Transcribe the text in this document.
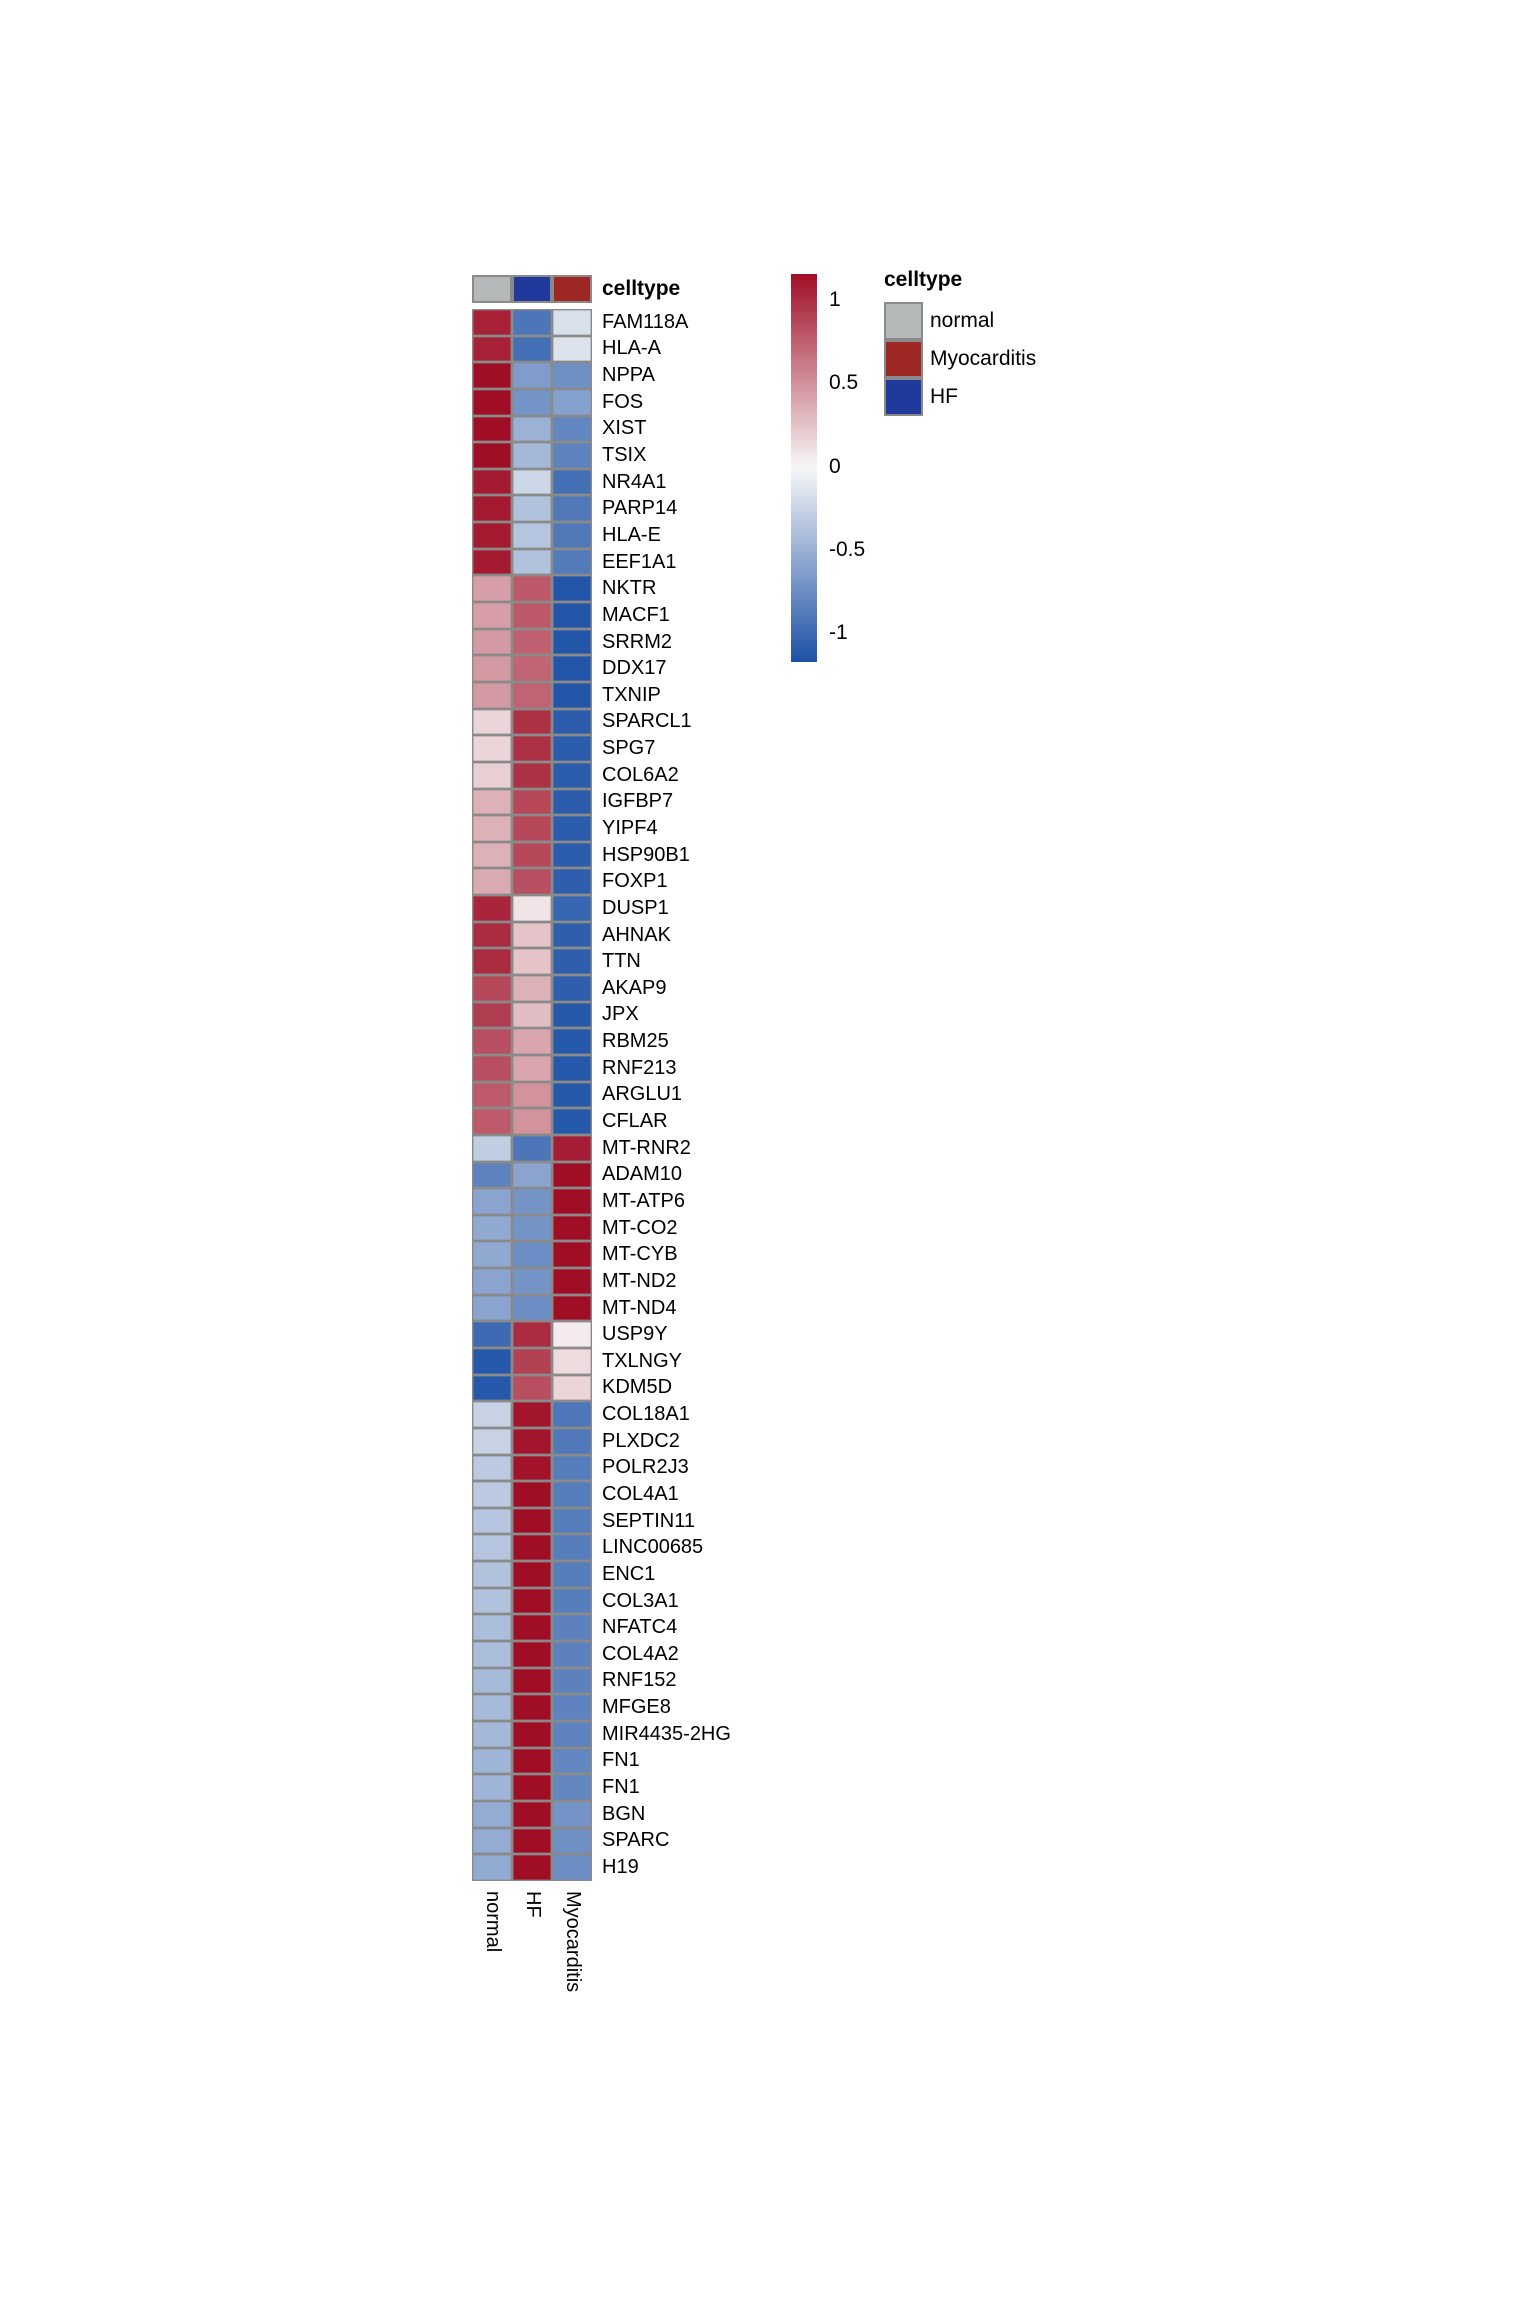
celltype
FAM118A
HLA-A
NPPA
FOS
XIST
TSIX
NR4A1
PARP14
HLA-E
EEF1A1
NKTR
MACF1
SRRM2
DDX17
TXNIP
SPARCL1
SPG7
COL6A2
IGFBP7
YIPF4
HSP90B1
FOXP1
DUSP1
AHNAK
TTN
AKAP9
JPX
RBM25
RNF213
ARGLU1
CFLAR
MT-RNR2
ADAM10
MT-ATP6
MT-CO2
MT-CYB
MT-ND2
MT-ND4
USP9Y
TXLNGY
KDM5D
COL18A1
PLXDC2
POLR2J3
COL4A1
SEPTIN11
LINC00685
ENC1
COL3A1
NFATC4
COL4A2
RNF152
MFGE8
MIR4435-2HG
FN1
FN1
BGN
SPARC
H19
normal HF Myocarditis
1
0.5
0
-0.5
-1
celltype
normal
Myocarditis
HF
